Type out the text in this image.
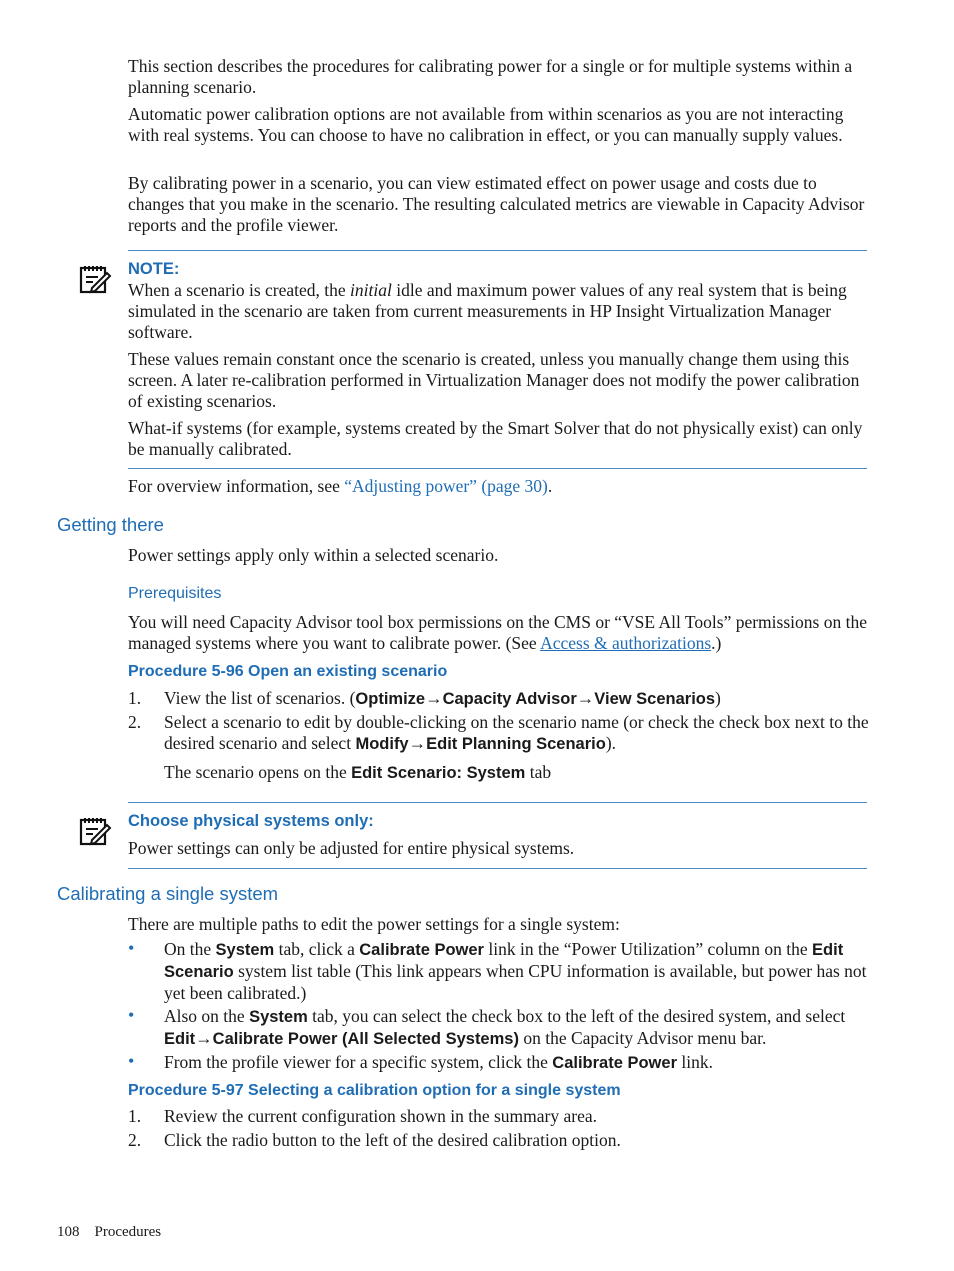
This section describes the procedures for calibrating power for a single or for multiple systems within a planning scenario.

Automatic power calibration options are not available from within scenarios as you are not interacting with real systems. You can choose to have no calibration in effect, or you can manually supply values.

By calibrating power in a scenario, you can view estimated effect on power usage and costs due to changes that you make in the scenario. The resulting calculated metrics are viewable in Capacity Advisor reports and the profile viewer.

NOTE:

When a scenario is created, the initial idle and maximum power values of any real system that is being simulated in the scenario are taken from current measurements in HP Insight Virtualization Manager software.

These values remain constant once the scenario is created, unless you manually change them using this screen. A later re-calibration performed in Virtualization Manager does not modify the power calibration of existing scenarios.

What-if systems (for example, systems created by the Smart Solver that do not physically exist) can only be manually calibrated.

For overview information, see “Adjusting power” (page 30).

Getting there

Power settings apply only within a selected scenario.

Prerequisites

You will need Capacity Advisor tool box permissions on the CMS or “VSE All Tools” permissions on the managed systems where you want to calibrate power. (See Access & authorizations.)

Procedure 5-96 Open an existing scenario

1. View the list of scenarios. (Optimize→Capacity Advisor→View Scenarios)

2. Select a scenario to edit by double-clicking on the scenario name (or check the check box next to the desired scenario and select Modify→Edit Planning Scenario).

The scenario opens on the Edit Scenario: System tab

Choose physical systems only:

Power settings can only be adjusted for entire physical systems.

Calibrating a single system

There are multiple paths to edit the power settings for a single system:

• On the System tab, click a Calibrate Power link in the “Power Utilization” column on the Edit Scenario system list table (This link appears when CPU information is available, but power has not yet been calibrated.)

• Also on the System tab, you can select the check box to the left of the desired system, and select Edit→Calibrate Power (All Selected Systems) on the Capacity Advisor menu bar.

• From the profile viewer for a specific system, click the Calibrate Power link.

Procedure 5-97 Selecting a calibration option for a single system

1. Review the current configuration shown in the summary area.

2. Click the radio button to the left of the desired calibration option.

108 Procedures
